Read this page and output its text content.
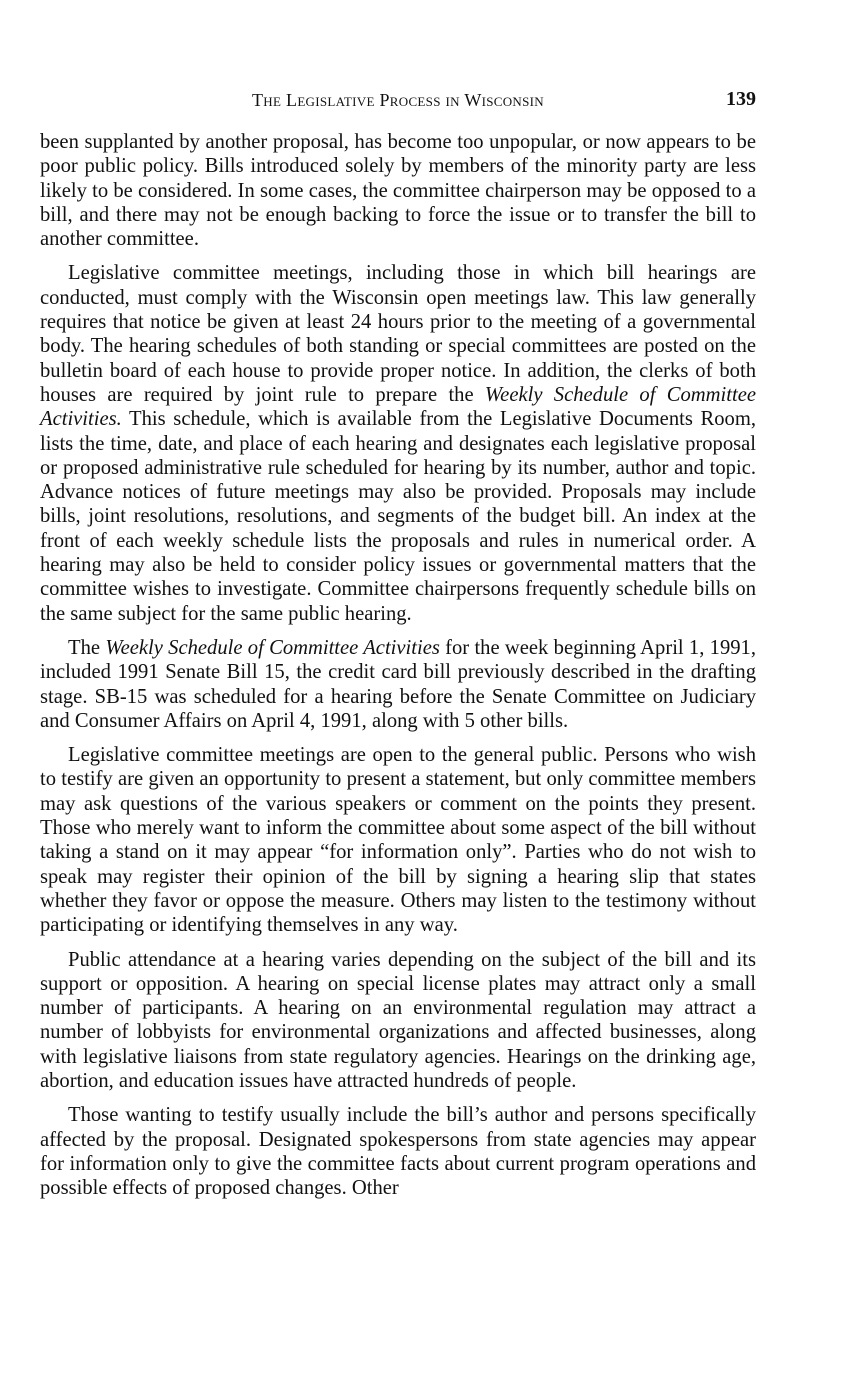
The Legislative Process in Wisconsin	139

been supplanted by another proposal, has become too unpopular, or now appears to be poor public policy. Bills introduced solely by members of the minority party are less likely to be considered. In some cases, the committee chairperson may be opposed to a bill, and there may not be enough backing to force the issue or to transfer the bill to another committee.

Legislative committee meetings, including those in which bill hearings are conducted, must comply with the Wisconsin open meetings law. This law generally requires that notice be given at least 24 hours prior to the meeting of a governmental body. The hearing schedules of both standing or special committees are posted on the bulletin board of each house to provide proper notice. In addition, the clerks of both houses are required by joint rule to prepare the Weekly Schedule of Committee Activities. This schedule, which is available from the Legislative Documents Room, lists the time, date, and place of each hearing and designates each legislative proposal or proposed administrative rule scheduled for hearing by its number, author and topic. Advance notices of future meetings may also be provided. Proposals may include bills, joint resolutions, resolutions, and segments of the budget bill. An index at the front of each weekly schedule lists the proposals and rules in numerical order. A hearing may also be held to consider policy issues or governmental matters that the committee wishes to investigate. Committee chairpersons frequently schedule bills on the same subject for the same public hearing.

The Weekly Schedule of Committee Activities for the week beginning April 1, 1991, included 1991 Senate Bill 15, the credit card bill previously described in the drafting stage. SB-15 was scheduled for a hearing before the Senate Committee on Judiciary and Consumer Affairs on April 4, 1991, along with 5 other bills.

Legislative committee meetings are open to the general public. Persons who wish to testify are given an opportunity to present a statement, but only committee members may ask questions of the various speakers or comment on the points they present. Those who merely want to inform the committee about some aspect of the bill without taking a stand on it may appear “for information only”. Parties who do not wish to speak may register their opinion of the bill by signing a hearing slip that states whether they favor or oppose the measure. Others may listen to the testimony without participating or identifying themselves in any way.

Public attendance at a hearing varies depending on the subject of the bill and its support or opposition. A hearing on special license plates may attract only a small number of participants. A hearing on an environmental regulation may attract a number of lobbyists for environmental organizations and affected businesses, along with legislative liaisons from state regulatory agencies. Hearings on the drinking age, abortion, and education issues have attracted hundreds of people.

Those wanting to testify usually include the bill’s author and persons specifically affected by the proposal. Designated spokespersons from state agencies may appear for information only to give the committee facts about current program operations and possible effects of proposed changes. Other
